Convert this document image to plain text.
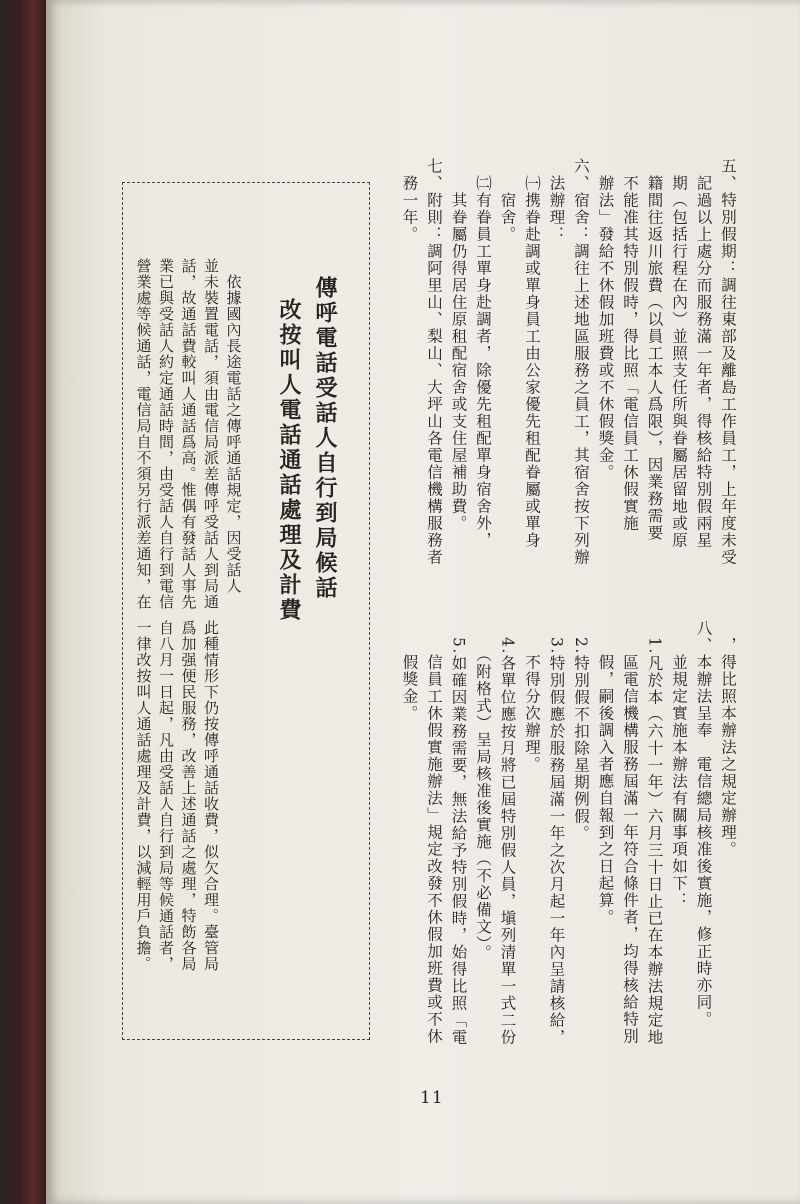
五、特別假期：調往東部及離島工作員工，上年度未受
　記過以上處分而服務滿一年者，得核給特別假兩星
　期（包括行程在內）並照支任所與眷屬居留地或原
　籍間往返川旅費（以員工本人爲限），因業務需要
　不能准其特別假時，得比照「電信員工休假實施
　辦法」發給不休假加班費或不休假獎金。
六、宿舍：調往上述地區服務之員工，其宿舍按下列辦
　法辦理：
　㈠携眷赴調或單身員工由公家優先租配眷屬或單身
　　宿舍。
　㈡有眷員工單身赴調者，除優先租配單身宿舍外，
　　其眷屬仍得居住原租配宿舍或支住屋補助費。
七、附則：調阿里山、梨山、大坪山各電信機構服務者
　務一年。
　，得比照本辦法之規定辦理。
八、本辦法呈奉　電信總局核准後實施，修正時亦同。
　　並規定實施本辦法有關事項如下：
　1.凡於本（六十一年）六月三十日止已在本辦法規定地
　　區電信機構服務屆滿一年符合條件者，均得核給特別
　　假，嗣後調入者應自報到之日起算。
　2.特別假不扣除星期例假。
　3.特別假應於服務屆滿一年之次月起一年內呈請核給，
　　不得分次辦理。
　4.各單位應按月將已屆特別假人員，塡列清單一式二份
　　（附格式）呈局核准後實施（不必備文）。
　5.如確因業務需要，無法給予特別假時，始得比照「電
　　信員工休假實施辦法」規定改發不休假加班費或不休
　　假獎金。
傳呼電話受話人自行到局候話
改按叫人電話通話處理及計費
　依據國內長途電話之傳呼通話規定，因受話人
並未裝置電話，須由電信局派差傳呼受話人到局通
話，故通話費較叫人通話爲高。惟偶有發話人事先
業已與受話人約定通話時間，由受話人自行到電信
營業處等候通話，電信局自不須另行派差通知，在
此種情形下仍按傳呼通話收費，似欠合理。臺管局
爲加强便民服務，改善上述通話之處理，特飭各局
自八月一日起，凡由受話人自行到局等候通話者，
一律改按叫人通話處理及計費，以減輕用戶負擔。
11
